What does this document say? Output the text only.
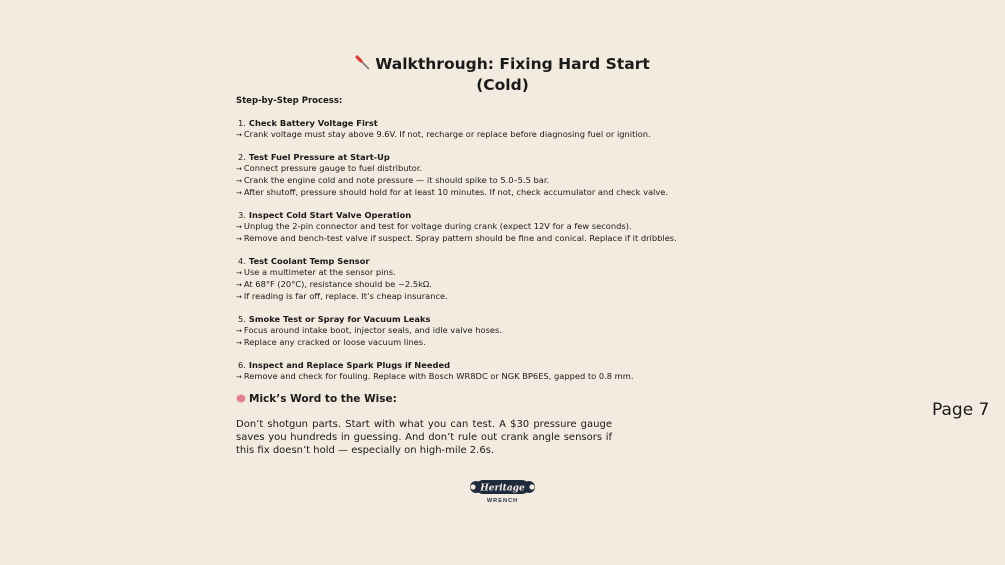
Walkthrough: Fixing Hard Start (Cold)
Step-by-Step Process:
1. Check Battery Voltage First
→ Crank voltage must stay above 9.6V. If not, recharge or replace before diagnosing fuel or ignition.
2. Test Fuel Pressure at Start-Up
→ Connect pressure gauge to fuel distributor.
→ Crank the engine cold and note pressure — it should spike to 5.0–5.5 bar.
→ After shutoff, pressure should hold for at least 10 minutes. If not, check accumulator and check valve.
3. Inspect Cold Start Valve Operation
→ Unplug the 2-pin connector and test for voltage during crank (expect 12V for a few seconds).
→ Remove and bench-test valve if suspect. Spray pattern should be fine and conical. Replace if it dribbles.
4. Test Coolant Temp Sensor
→ Use a multimeter at the sensor pins.
→ At 68°F (20°C), resistance should be ~2.5kΩ.
→ If reading is far off, replace. It’s cheap insurance.
5. Smoke Test or Spray for Vacuum Leaks
→ Focus around intake boot, injector seals, and idle valve hoses.
→ Replace any cracked or loose vacuum lines.
6. Inspect and Replace Spark Plugs if Needed
→ Remove and check for fouling. Replace with Bosch WR8DC or NGK BP6ES, gapped to 0.8 mm.
Mick’s Word to the Wise:
Don’t shotgun parts. Start with what you can test. A $30 pressure gauge saves you hundreds in guessing. And don’t rule out crank angle sensors if this fix doesn’t hold — especially on high-mile 2.6s.
Page 7
Heritage
WRENCH
